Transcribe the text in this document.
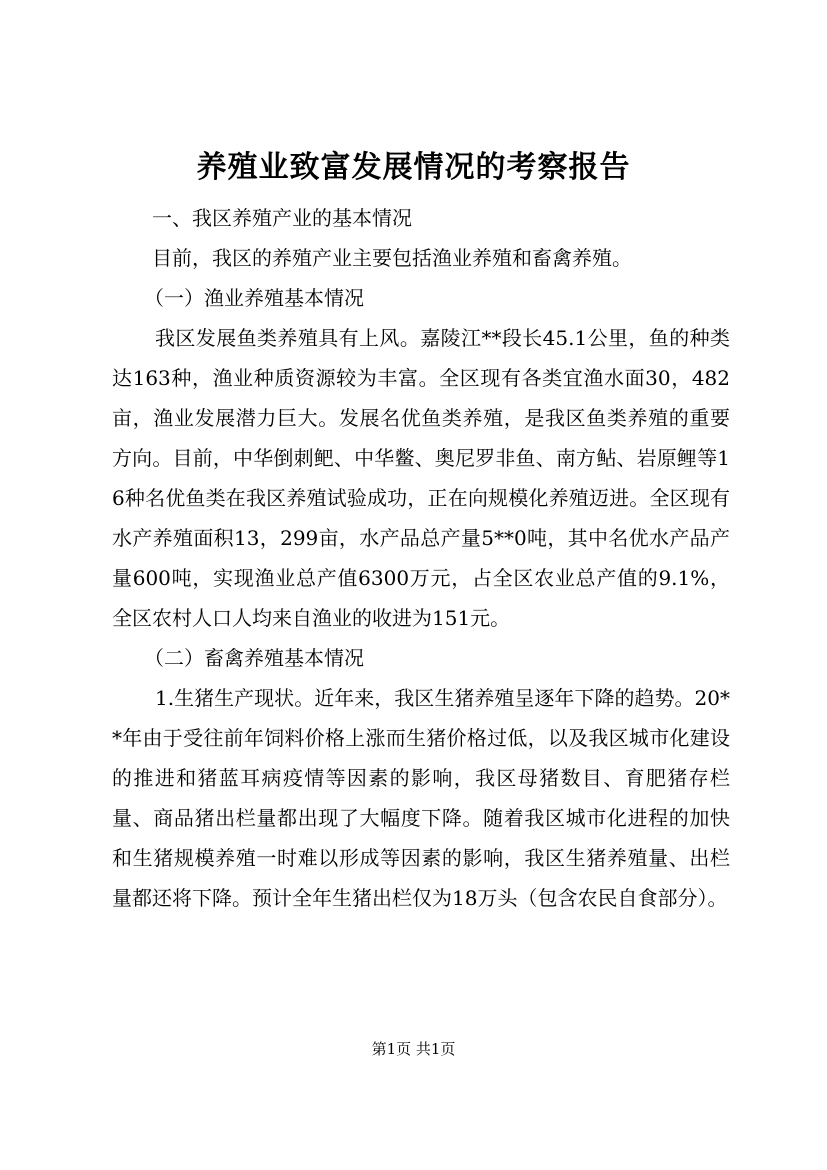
养殖业致富发展情况的考察报告

一、我区养殖产业的基本情况

目前，我区的养殖产业主要包括渔业养殖和畜禽养殖。

（一）渔业养殖基本情况

我区发展鱼类养殖具有上风。嘉陵江**段长45.1公里，鱼的种类达163种，渔业种质资源较为丰富。全区现有各类宜渔水面30，482亩，渔业发展潜力巨大。发展名优鱼类养殖，是我区鱼类养殖的重要方向。目前，中华倒刺鲃、中华鳖、奥尼罗非鱼、南方鲇、岩原鲤等16种名优鱼类在我区养殖试验成功，正在向规模化养殖迈进。全区现有水产养殖面积13，299亩，水产品总产量5**0吨，其中名优水产品产量600吨，实现渔业总产值6300万元，占全区农业总产值的9.1%，全区农村人口人均来自渔业的收进为151元。

（二）畜禽养殖基本情况

1.生猪生产现状。近年来，我区生猪养殖呈逐年下降的趋势。20**年由于受往前年饲料价格上涨而生猪价格过低，以及我区城市化建设的推进和猪蓝耳病疫情等因素的影响，我区母猪数目、育肥猪存栏量、商品猪出栏量都出现了大幅度下降。随着我区城市化进程的加快和生猪规模养殖一时难以形成等因素的影响，我区生猪养殖量、出栏量都还将下降。预计全年生猪出栏仅为18万头（包含农民自食部分）。

第1页 共1页
